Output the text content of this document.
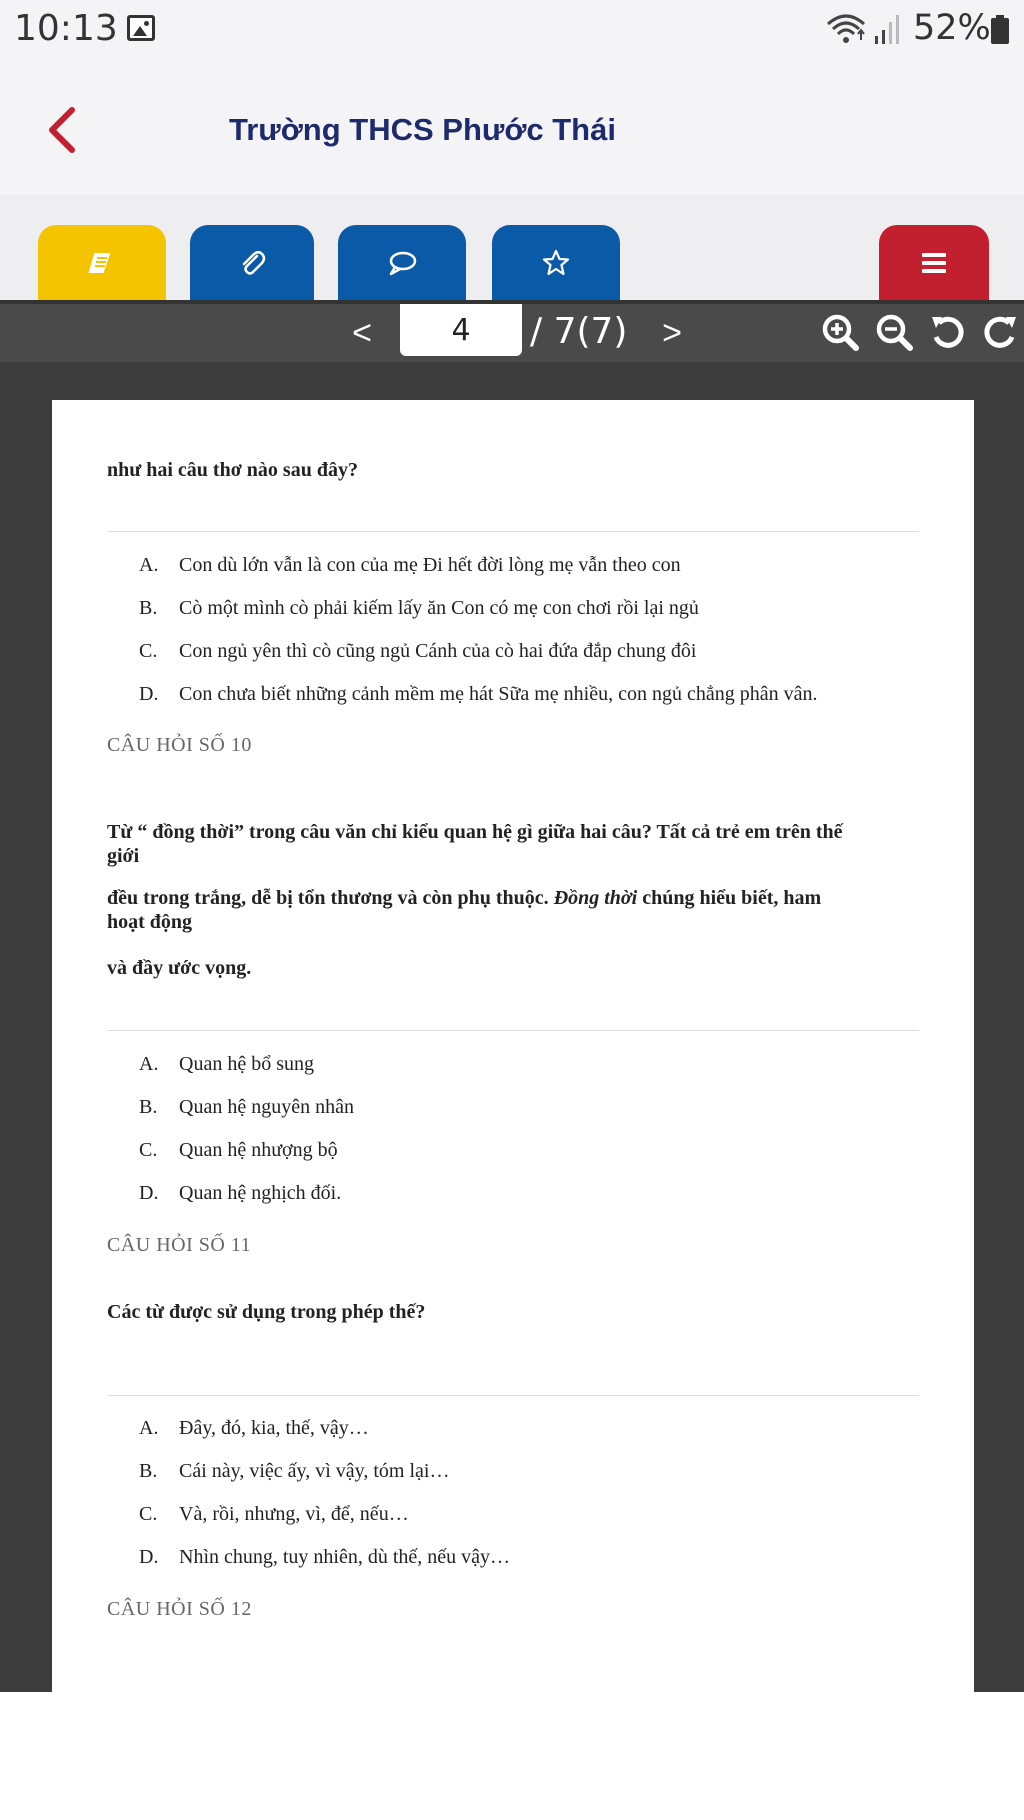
10:13	52%
Trường THCS Phước Thái
<
4	/ 7(7) >
như hai câu thơ nào sau đây?
A. Con dù lớn vẫn là con của mẹ Đi hết đời lòng mẹ vẫn theo con
B. Cò một mình cò phải kiếm lấy ăn Con có mẹ con chơi rồi lại ngủ
C. Con ngủ yên thì cò cũng ngủ Cánh của cò hai đứa đắp chung đôi
D. Con chưa biết những cảnh mềm mẹ hát Sữa mẹ nhiều, con ngủ chẳng phân vân.
CÂU HỎI SỐ 10
Từ “ đồng thời” trong câu văn chỉ kiểu quan hệ gì giữa hai câu? Tất cả trẻ em trên thế
giới
đều trong trắng, dễ bị tổn thương và còn phụ thuộc. Đồng thời chúng hiểu biết, ham
hoạt động
và đầy ước vọng.
A. Quan hệ bổ sung
B. Quan hệ nguyên nhân
C. Quan hệ nhượng bộ
D. Quan hệ nghịch đối.
CÂU HỎI SỐ 11
Các từ được sử dụng trong phép thế?
A. Đây, đó, kia, thế, vậy…
B. Cái này, việc ấy, vì vậy, tóm lại…
C. Và, rồi, nhưng, vì, để, nếu…
D. Nhìn chung, tuy nhiên, dù thế, nếu vậy…
CÂU HỎI SỐ 12
